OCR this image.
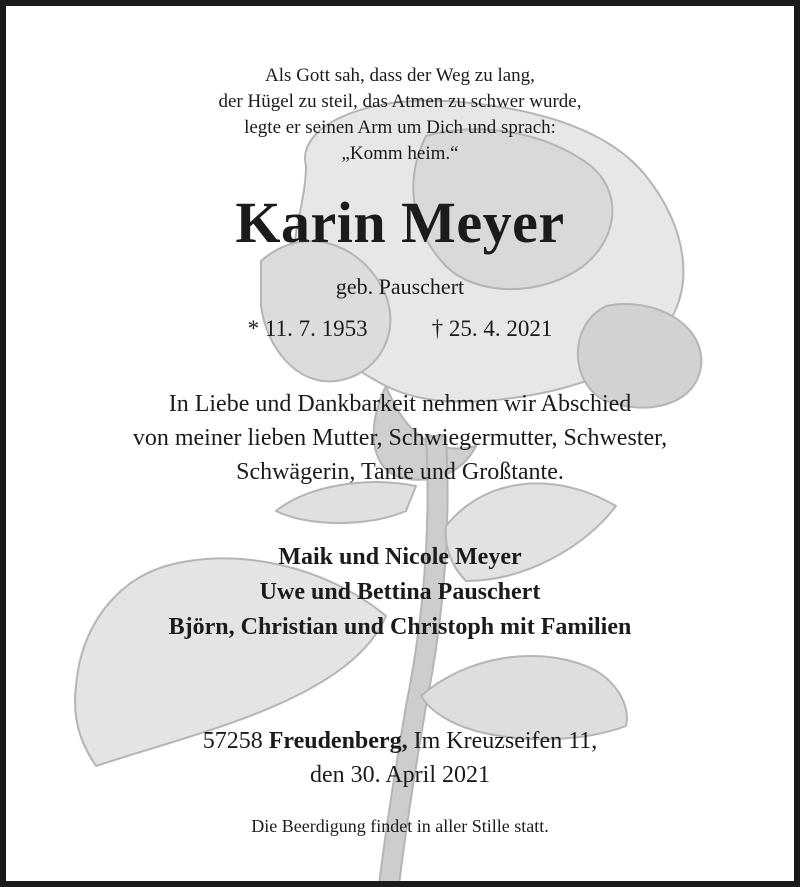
Als Gott sah, dass der Weg zu lang,
der Hügel zu steil, das Atmen zu schwer wurde,
legte er seinen Arm um Dich und sprach:
„Komm heim.“
Karin Meyer
geb. Pauschert
* 11. 7. 1953	† 25. 4. 2021
In Liebe und Dankbarkeit nehmen wir Abschied
von meiner lieben Mutter, Schwiegermutter, Schwester,
Schwägerin, Tante und Großtante.
Maik und Nicole Meyer
Uwe und Bettina Pauschert
Björn, Christian und Christoph mit Familien
57258 Freudenberg, Im Kreuzseifen 11,
den 30. April 2021
Die Beerdigung findet in aller Stille statt.
